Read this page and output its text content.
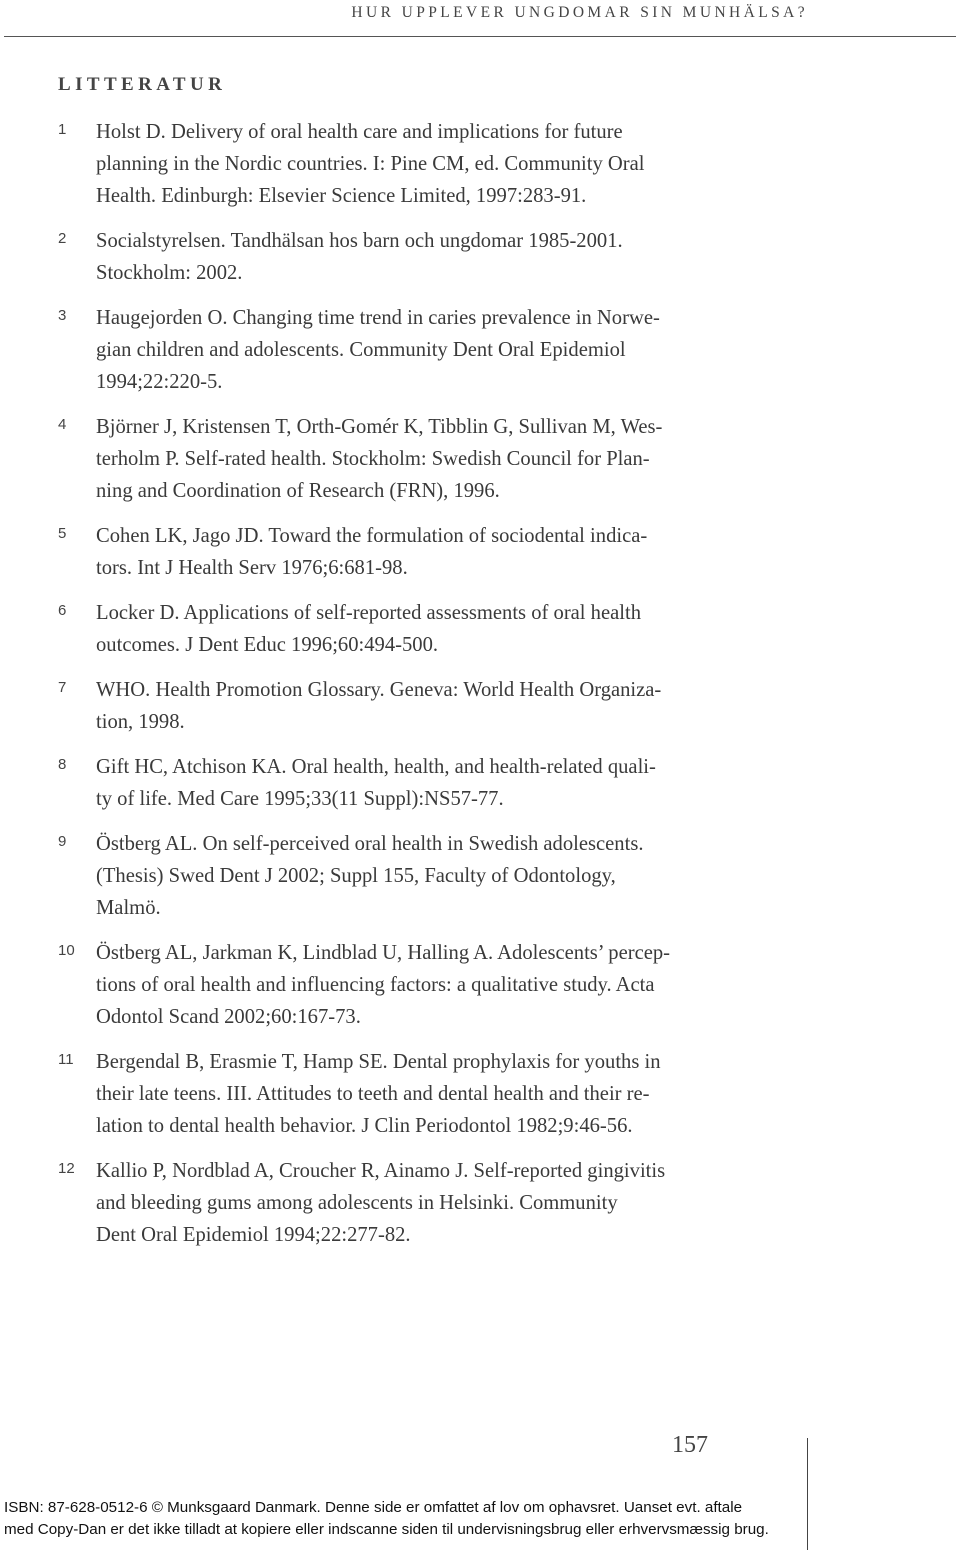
HUR UPPLEVER UNGDOMAR SIN MUNHÄLSA?
LITTERATUR
1 Holst D. Delivery of oral health care and implications for future
planning in the Nordic countries. I: Pine CM, ed. Community Oral
Health. Edinburgh: Elsevier Science Limited, 1997:283-91.
2 Socialstyrelsen. Tandhälsan hos barn och ungdomar 1985-2001.
Stockholm: 2002.
3 Haugejorden O. Changing time trend in caries prevalence in Norwe-
gian children and adolescents. Community Dent Oral Epidemiol
1994;22:220-5.
4 Björner J, Kristensen T, Orth-Gomér K, Tibblin G, Sullivan M, Wes-
terholm P. Self-rated health. Stockholm: Swedish Council for Plan-
ning and Coordination of Research (FRN), 1996.
5 Cohen LK, Jago JD. Toward the formulation of sociodental indica-
tors. Int J Health Serv 1976;6:681-98.
6 Locker D. Applications of self-reported assessments of oral health
outcomes. J Dent Educ 1996;60:494-500.
7 WHO. Health Promotion Glossary. Geneva: World Health Organiza-
tion, 1998.
8 Gift HC, Atchison KA. Oral health, health, and health-related quali-
ty of life. Med Care 1995;33(11 Suppl):NS57-77.
9 Östberg AL. On self-perceived oral health in Swedish adolescents.
(Thesis) Swed Dent J 2002; Suppl 155, Faculty of Odontology,
Malmö.
10 Östberg AL, Jarkman K, Lindblad U, Halling A. Adolescents’ percep-
tions of oral health and influencing factors: a qualitative study. Acta
Odontol Scand 2002;60:167-73.
11 Bergendal B, Erasmie T, Hamp SE. Dental prophylaxis for youths in
their late teens. III. Attitudes to teeth and dental health and their re-
lation to dental health behavior. J Clin Periodontol 1982;9:46-56.
12 Kallio P, Nordblad A, Croucher R, Ainamo J. Self-reported gingivitis
and bleeding gums among adolescents in Helsinki. Community
Dent Oral Epidemiol 1994;22:277-82.
157
ISBN: 87-628-0512-6 © Munksgaard Danmark. Denne side er omfattet af lov om ophavsret. Uanset evt. aftale
med Copy-Dan er det ikke tilladt at kopiere eller indscanne siden til undervisningsbrug eller erhvervsmæssig brug.
